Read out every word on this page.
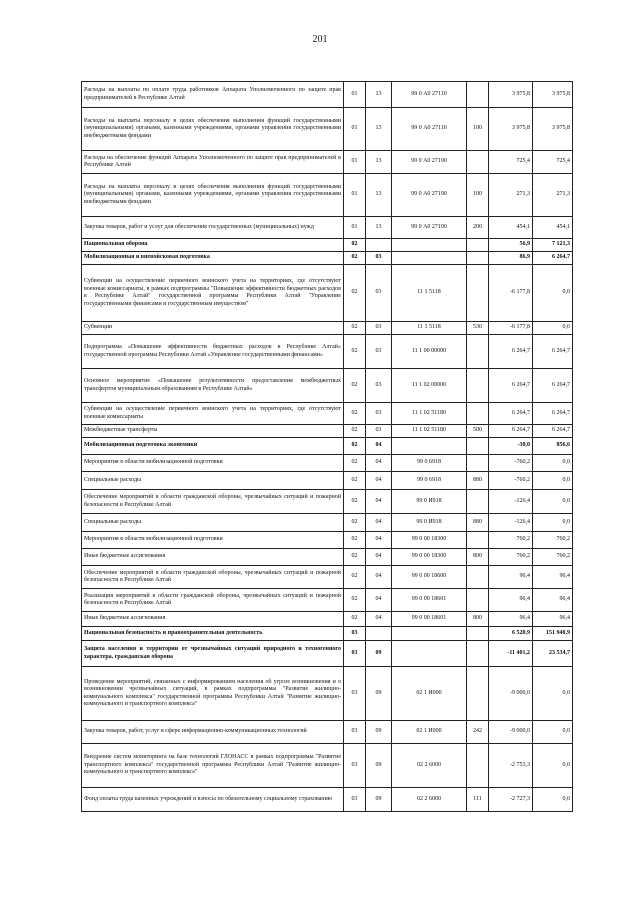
201
Расходы на выплаты по оплате труда работников Аппарата Уполномоченного по защите прав предпринимателей в Республике Алтай	01	13	99 0 А0 27110		3 975,8	3 975,8
Расходы на выплаты персоналу в целях обеспечения выполнения функций государственными (муниципальными) органами, казенными учреждениями, органами управления государственными внебюджетными фондами	01	13	99 0 А0 27110	100	3 975,8	3 975,8
Расходы на обеспечение функций Аппарата Уполномоченного по защите прав предпринимателей в Республике Алтай	01	13	99 0 А0 27190		725,4	725,4
Расходы на выплаты персоналу в целях обеспечения выполнения функций государственными (муниципальными) органами, казенными учреждениями, органами управления государственными внебюджетными фондами	01	13	99 0 А0 27190	100	271,3	271,3
Закупка товаров, работ и услуг для обеспечения государственных (муниципальных) нужд	01	13	99 0 А0 27190	200	454,1	454,1
Национальная оборона	02				56,9	7 121,3
Мобилизационная и вневойсковая подготовка	02	03			86,9	6 264,7
Субвенции на осуществление первичного воинского учета на территориях, где отсутствуют военные комиссариаты, в рамках подпрограммы "Повышение эффективности бюджетных расходов в Республике Алтай" государственной программы Республики Алтай "Управление государственными финансами и государственным имуществом"	02	03	11 1 5118		-6 177,8	0,0
Субвенции	02	03	11 1 5118	530	-6 177,8	0,0
Подпрограмма «Повышение эффективности бюджетных расходов в Республике Алтай» государственной программы Республики Алтай «Управление государственными финансами»	02	03	11 1 00 00000		6 264,7	6 264,7
Основное мероприятие «Повышение результативности предоставления межбюджетных трансфертов муниципальным образованиям в Республике Алтай»	02	03	11 1 02 00000		6 264,7	6 264,7
Субвенции на осуществление первичного воинского учета на территориях, где отсутствуют военные комиссариаты	02	03	11 1 02 51180		6 264,7	6 264,7
Межбюджетные трансферты	02	03	11 1 02 51180	500	6 264,7	6 264,7
Мобилизационная подготовка экономики	02	04			-30,0	856,6
Мероприятия в области мобилизационной подготовки	02	04	99 0 6918		-760,2	0,0
Специальные расходы	02	04	99 0 6918	880	-760,2	0,0
Обеспечение мероприятий в области гражданской обороны, чрезвычайных ситуаций и пожарной безопасности в Республике Алтай	02	04	99 0 И918		-126,4	0,0
Специальные расходы	02	04	99 0 И918	880	-126,4	0,0
Мероприятия в области мобилизационной подготовки	02	04	99 0 00 18300		760,2	760,2
Иные бюджетные ассигнования	02	04	99 0 00 18300	800	760,2	760,2
Обеспечение мероприятий в области гражданской обороны, чрезвычайных ситуаций и пожарной безопасности в Республике Алтай	02	04	99 0 00 18600		96,4	96,4
Реализация мероприятий в области гражданской обороны, чрезвычайных ситуаций и пожарной безопасности в Республике Алтай	02	04	99 0 00 18601		96,4	96,4
Иные бюджетные ассигнования	02	04	99 0 00 18601	800	96,4	96,4
Национальная безопасность и правоохранительная деятельность	03				6 520,9	151 940,9
Защита населения и территории от чрезвычайных ситуаций природного и техногенного характера, гражданская оборона	03	09			-11 401,2	23 534,7
Проведение мероприятий, связанных с информированием населения об угрозе возникновения и о возникновении чрезвычайных ситуаций, в рамках подпрограммы "Развитие жилищно-коммунального комплекса" государственной программы Республики Алтай "Развитие жилищно-коммунального и транспортного комплекса"	03	09	02 1 И000		-9 000,0	0,0
Закупка товаров, работ, услуг в сфере информационно-коммуникационных технологий	03	09	02 1 И000	242	-9 000,0	0,0
Внедрение систем мониторинга на базе технологий ГЛОНАСС в рамках подпрограммы "Развитие транспортного комплекса" государственной программы Республики Алтай "Развитие жилищно-коммунального и транспортного комплекса"	03	09	02 2 6000		-2 753,3	0,0
Фонд оплаты труда казенных учреждений и взносы по обязательному социальному страхованию	03	09	02 2 6000	111	-2 727,3	0,0
